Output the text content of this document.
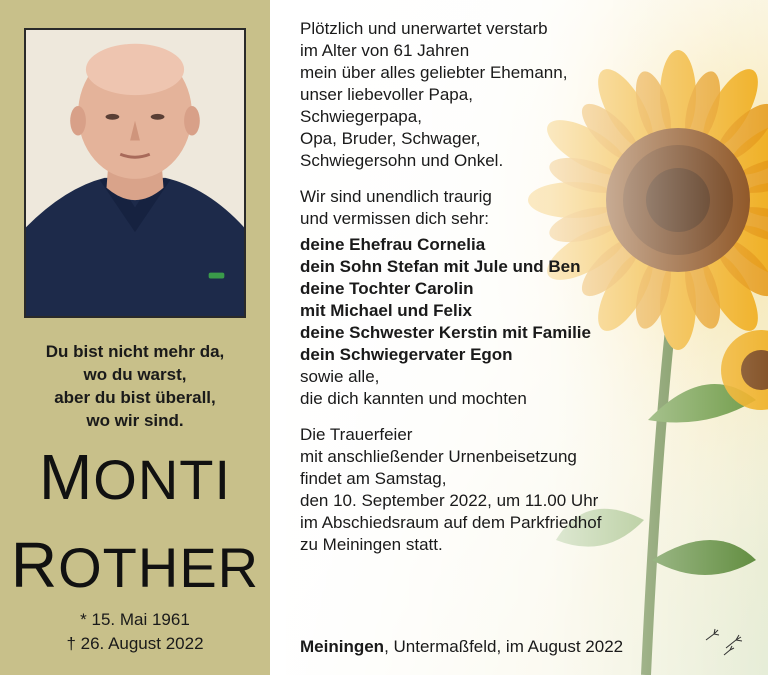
Du bist nicht mehr da,
wo du warst,
aber du bist überall,
wo wir sind.
MONTI
ROTHER
* 15. Mai 1961
† 26. August 2022
Plötzlich und unerwartet verstarb
im Alter von 61 Jahren
mein über alles geliebter Ehemann,
unser liebevoller Papa,
Schwiegerpapa,
Opa, Bruder, Schwager,
Schwiegersohn und Onkel.
Wir sind unendlich traurig
und vermissen dich sehr:
deine Ehefrau Cornelia
dein Sohn Stefan mit Jule und Ben
deine Tochter Carolin
mit Michael und Felix
deine Schwester Kerstin mit Familie
dein Schwiegervater Egon
sowie alle,
die dich kannten und mochten
Die Trauerfeier
mit anschließender Urnenbeisetzung
findet am Samstag,
den 10. September 2022, um 11.00 Uhr
im Abschiedsraum auf dem Parkfriedhof
zu Meiningen statt.
Meiningen, Untermaßfeld, im August 2022
